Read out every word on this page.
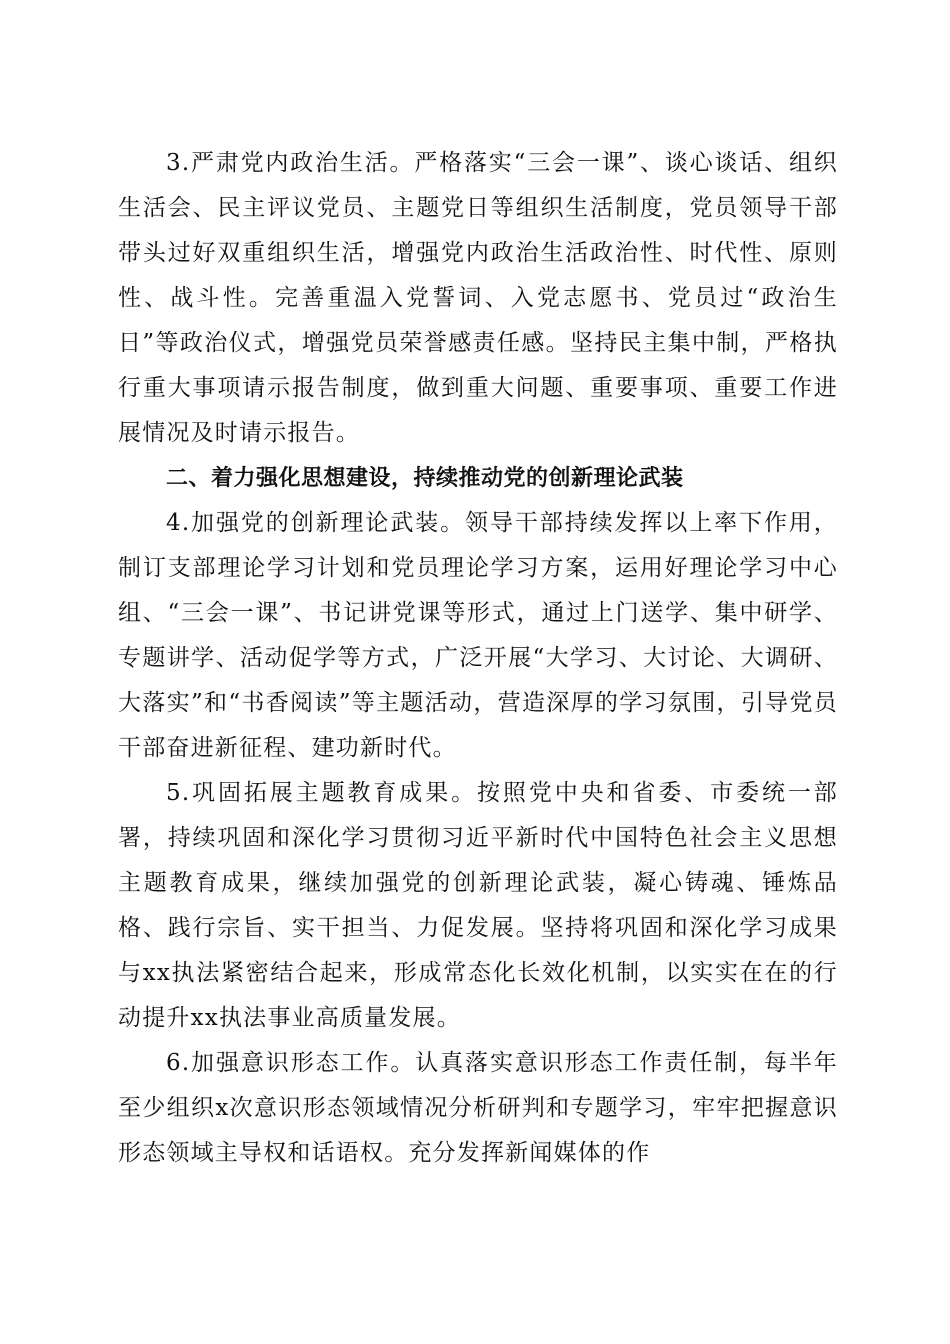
3.严肃党内政治生活。严格落实“三会一课”、谈心谈话、组织生活会、民主评议党员、主题党日等组织生活制度，党员领导干部带头过好双重组织生活，增强党内政治生活政治性、时代性、原则性、战斗性。完善重温入党誓词、入党志愿书、党员过“政治生日”等政治仪式，增强党员荣誉感责任感。坚持民主集中制，严格执行重大事项请示报告制度，做到重大问题、重要事项、重要工作进展情况及时请示报告。

二、着力强化思想建设，持续推动党的创新理论武装

4.加强党的创新理论武装。领导干部持续发挥以上率下作用，制订支部理论学习计划和党员理论学习方案，运用好理论学习中心组、“三会一课”、书记讲党课等形式，通过上门送学、集中研学、专题讲学、活动促学等方式，广泛开展“大学习、大讨论、大调研、大落实”和“书香阅读”等主题活动，营造深厚的学习氛围，引导党员干部奋进新征程、建功新时代。

5.巩固拓展主题教育成果。按照党中央和省委、市委统一部署，持续巩固和深化学习贯彻习近平新时代中国特色社会主义思想主题教育成果，继续加强党的创新理论武装，凝心铸魂、锤炼品格、践行宗旨、实干担当、力促发展。坚持将巩固和深化学习成果与xx执法紧密结合起来，形成常态化长效化机制，以实实在在的行动提升xx执法事业高质量发展。

6.加强意识形态工作。认真落实意识形态工作责任制，每半年至少组织x次意识形态领域情况分析研判和专题学习，牢牢把握意识形态领域主导权和话语权。充分发挥新闻媒体的作
